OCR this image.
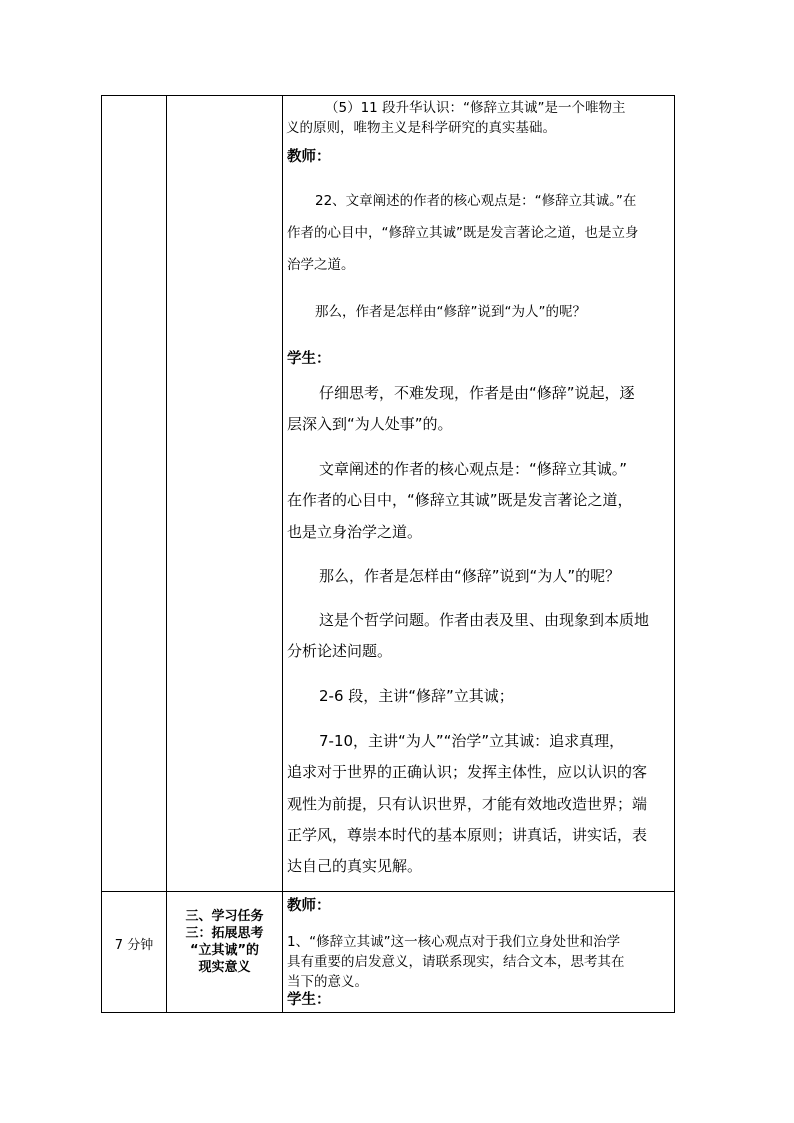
（5）11 段升华认识：“修辞立其诚”是一个唯物主

义的原则，唯物主义是科学研究的真实基础。

教师：

22、文章阐述的作者的核心观点是：“修辞立其诚。”在

作者的心目中，“修辞立其诚”既是发言著论之道，也是立身

治学之道。

那么，作者是怎样由“修辞”说到“为人”的呢？

学生：

仔细思考，不难发现，作者是由“修辞”说起，逐

层深入到“为人处事”的。

文章阐述的作者的核心观点是：“修辞立其诚。”

在作者的心目中，“修辞立其诚”既是发言著论之道，

也是立身治学之道。

那么，作者是怎样由“修辞”说到“为人”的呢？

这是个哲学问题。作者由表及里、由现象到本质地

分析论述问题。

2-6 段，主讲“修辞”立其诚；

7-10，主讲“为人”“治学”立其诚：追求真理，

追求对于世界的正确认识；发挥主体性，应以认识的客

观性为前提，只有认识世界，才能有效地改造世界；端

正学风，尊崇本时代的基本原则；讲真话，讲实话，表

达自己的真实见解。

7 分钟

三、学习任务

三：拓展思考

“立其诚”的

现实意义

教师：

1、“修辞立其诚”这一核心观点对于我们立身处世和治学

具有重要的启发意义，请联系现实，结合文本，思考其在

当下的意义。

学生：
